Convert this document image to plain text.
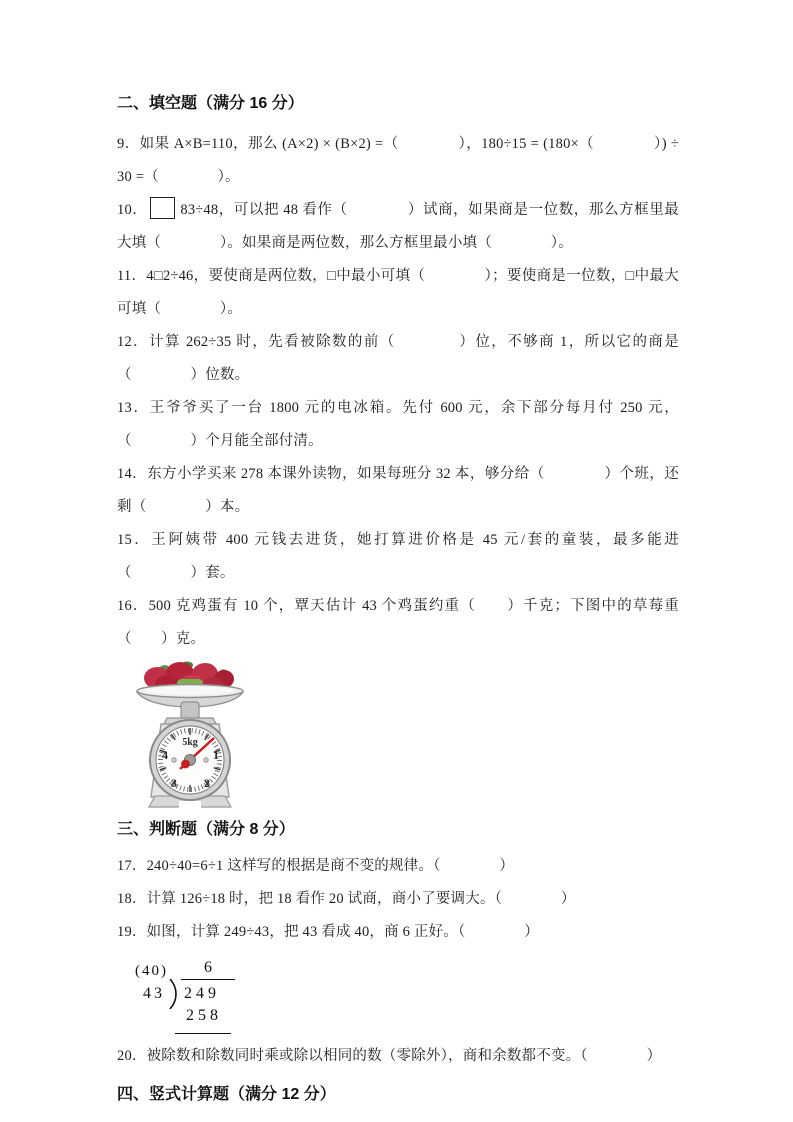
二、填空题（满分 16 分）

9．如果 A×B=110，那么 (A×2) × (B×2) =（　　　　），180÷15 = (180×（　　　　）) ÷ 30 =（　　　　）。

10． 83÷48，可以把 48 看作（　　　　）试商，如果商是一位数，那么方框里最大填（　　　　）。如果商是两位数，那么方框里最小填（　　　　）。

11．4□2÷46，要使商是两位数，□中最小可填（　　　　）；要使商是一位数，□中最大可填（　　　　）。

12．计算 262÷35 时，先看被除数的前（　　　　）位，不够商 1，所以它的商是（　　　　）位数。

13．王爷爷买了一台 1800 元的电冰箱。先付 600 元，余下部分每月付 250 元，（　　　　）个月能全部付清。

14．东方小学买来 278 本课外读物，如果每班分 32 本，够分给（　　　　）个班，还剩（　　　　）本。

15．王阿姨带 400 元钱去进货，她打算进价格是 45 元/套的童装，最多能进（　　　　）套。

16．500 克鸡蛋有 10 个，覃天估计 43 个鸡蛋约重（　　）千克；下图中的草莓重（　　）克。

5kg
1
2
3
4
三、判断题（满分 8 分）

17．240÷40=6÷1 这样写的根据是商不变的规律。（　　　　）

18．计算 126÷18 时，把 18 看作 20 试商，商小了要调大。（　　　　）

19．如图，计算 249÷43，把 43 看成 40，商 6 正好。（　　　　）

(40)	6
43 249
258

20．被除数和除数同时乘或除以相同的数（零除外），商和余数都不变。（　　　　）

四、竖式计算题（满分 12 分）
